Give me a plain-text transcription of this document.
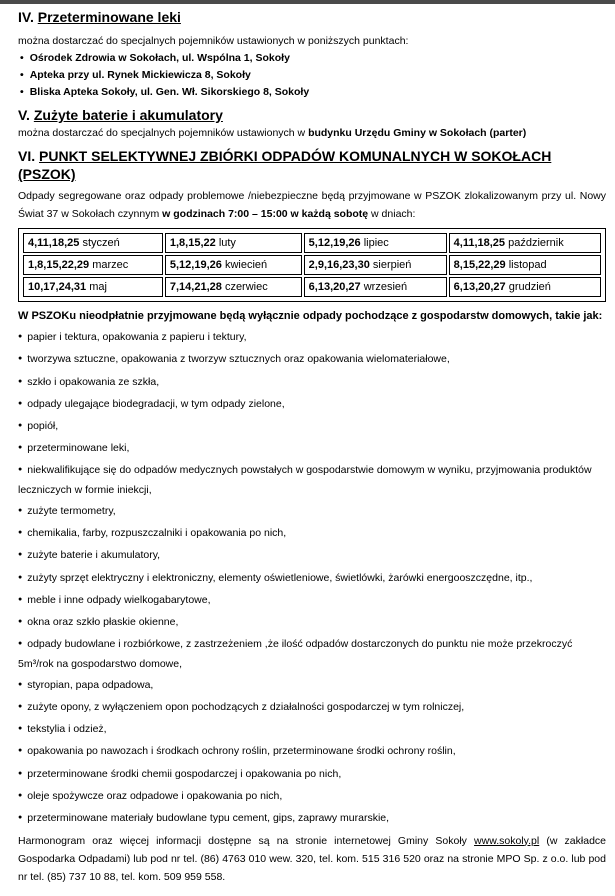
IV. Przeterminowane leki

można dostarczać do specjalnych pojemników ustawionych w poniższych punktach:

• Ośrodek Zdrowia w Sokołach, ul. Wspólna 1, Sokoły
• Apteka przy ul. Rynek Mickiewicza 8, Sokoły
• Bliska Apteka Sokoły, ul. Gen. Wł. Sikorskiego 8, Sokoły
V. Zużyte baterie i akumulatory

można dostarczać do specjalnych pojemników ustawionych w budynku Urzędu Gminy w Sokołach (parter)

VI. PUNKT SELEKTYWNEJ ZBIÓRKI ODPADÓW KOMUNALNYCH W SOKOŁACH (PSZOK)

Odpady segregowane oraz odpady problemowe /niebezpieczne będą przyjmowane w PSZOK zlokalizowanym przy ul. Nowy Świat 37 w Sokołach czynnym w godzinach 7:00 – 15:00 w każdą sobotę w dniach:

4,11,18,25 styczeń	1,8,15,22 luty	5,12,19,26 lipiec	4,11,18,25 październik
1,8,15,22,29 marzec	5,12,19,26 kwiecień	2,9,16,23,30 sierpień	8,15,22,29 listopad
10,17,24,31 maj	7,14,21,28 czerwiec	6,13,20,27 wrzesień	6,13,20,27 grudzień

W PSZOKu nieodpłatnie przyjmowane będą wyłącznie odpady pochodzące z gospodarstw domowych, takie jak:

● papier i tektura, opakowania z papieru i tektury,
● tworzywa sztuczne, opakowania z tworzyw sztucznych oraz opakowania wielomateriałowe,
● szkło i opakowania ze szkła,
● odpady ulegające biodegradacji, w tym odpady zielone,
● popiół,
● przeterminowane leki,
● niekwalifikujące się do odpadów medycznych powstałych w gospodarstwie domowym w wyniku, przyjmowania produktów leczniczych w formie iniekcji,
● zużyte termometry,
● chemikalia, farby, rozpuszczalniki i opakowania po nich,
● zużyte baterie i akumulatory,
● zużyty sprzęt elektryczny i elektroniczny, elementy oświetleniowe, świetlówki, żarówki energooszczędne, itp.,
● meble i inne odpady wielkogabarytowe,
● okna oraz szkło płaskie okienne,
● odpady budowlane i rozbiórkowe, z zastrzeżeniem ,że ilość odpadów dostarczonych do punktu nie może przekroczyć 5m³/rok na gospodarstwo domowe,
● styropian, papa odpadowa,
● zużyte opony, z wyłączeniem opon pochodzących z działalności gospodarczej w tym rolniczej,
● tekstylia i odzież,
● opakowania po nawozach i środkach ochrony roślin, przeterminowane środki ochrony roślin,
● przeterminowane środki chemii gospodarczej i opakowania po nich,
● oleje spożywcze oraz odpadowe i opakowania po nich,
● przeterminowane materiały budowlane typu cement, gips, zaprawy murarskie,

Harmonogram oraz więcej informacji dostępne są na stronie internetowej Gminy Sokoły www.sokoly.pl (w zakładce Gospodarka Odpadami) lub pod nr tel. (86) 4763 010 wew. 320, tel. kom. 515 316 520 oraz na stronie MPO Sp. z o.o. lub pod nr tel. (85) 737 10 88, tel. kom. 509 959 558.
